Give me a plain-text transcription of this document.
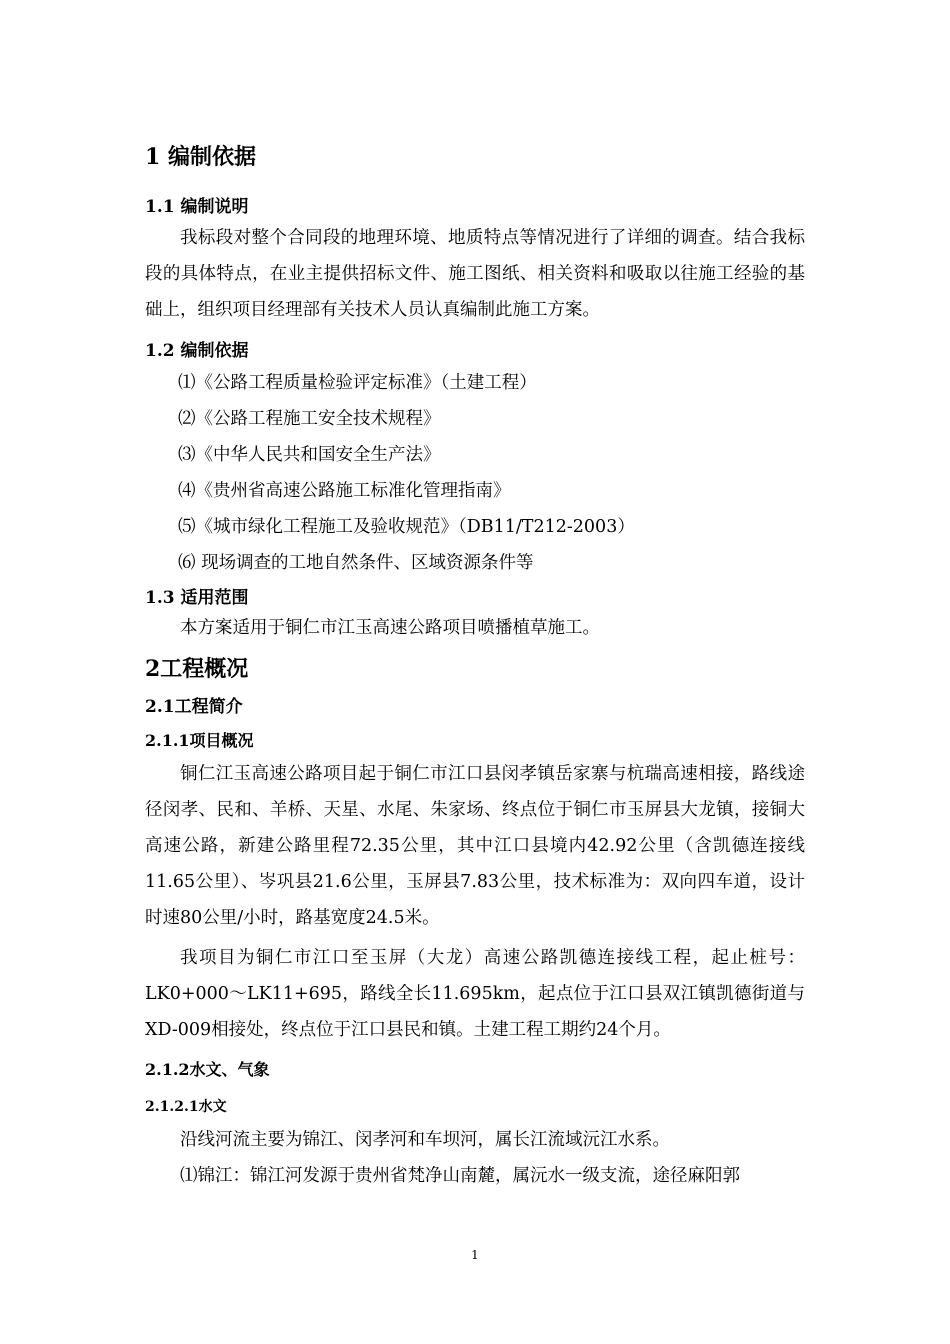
1 编制依据
1.1 编制说明

我标段对整个合同段的地理环境、地质特点等情况进行了详细的调查。结合我标段的具体特点，在业主提供招标文件、施工图纸、相关资料和吸取以往施工经验的基础上，组织项目经理部有关技术人员认真编制此施工方案。

1.2 编制依据
⑴《公路工程质量检验评定标准》（土建工程）
⑵《公路工程施工安全技术规程》
⑶《中华人民共和国安全生产法》
⑷《贵州省高速公路施工标准化管理指南》
⑸《城市绿化工程施工及验收规范》（DB11/T212-2003）
⑹ 现场调查的工地自然条件、区域资源条件等
1.3 适用范围

本方案适用于铜仁市江玉高速公路项目喷播植草施工。

2工程概况
2.1工程简介
2.1.1项目概况

铜仁江玉高速公路项目起于铜仁市江口县闵孝镇岳家寨与杭瑞高速相接，路线途径闵孝、民和、羊桥、天星、水尾、朱家场、终点位于铜仁市玉屏县大龙镇，接铜大高速公路，新建公路里程72.35公里，其中江口县境内42.92公里（含凯德连接线11.65公里）、岑巩县21.6公里，玉屏县7.83公里，技术标准为：双向四车道，设计时速80公里/小时，路基宽度24.5米。

我项目为铜仁市江口至玉屏（大龙）高速公路凯德连接线工程，起止桩号：LK0+000～LK11+695，路线全长11.695km，起点位于江口县双江镇凯德街道与XD-009相接处，终点位于江口县民和镇。土建工程工期约24个月。

2.1.2水文、气象
2.1.2.1水文

沿线河流主要为锦江、闵孝河和车坝河，属长江流域沅江水系。

⑴锦江：锦江河发源于贵州省梵净山南麓，属沅水一级支流，途径麻阳郭

1
